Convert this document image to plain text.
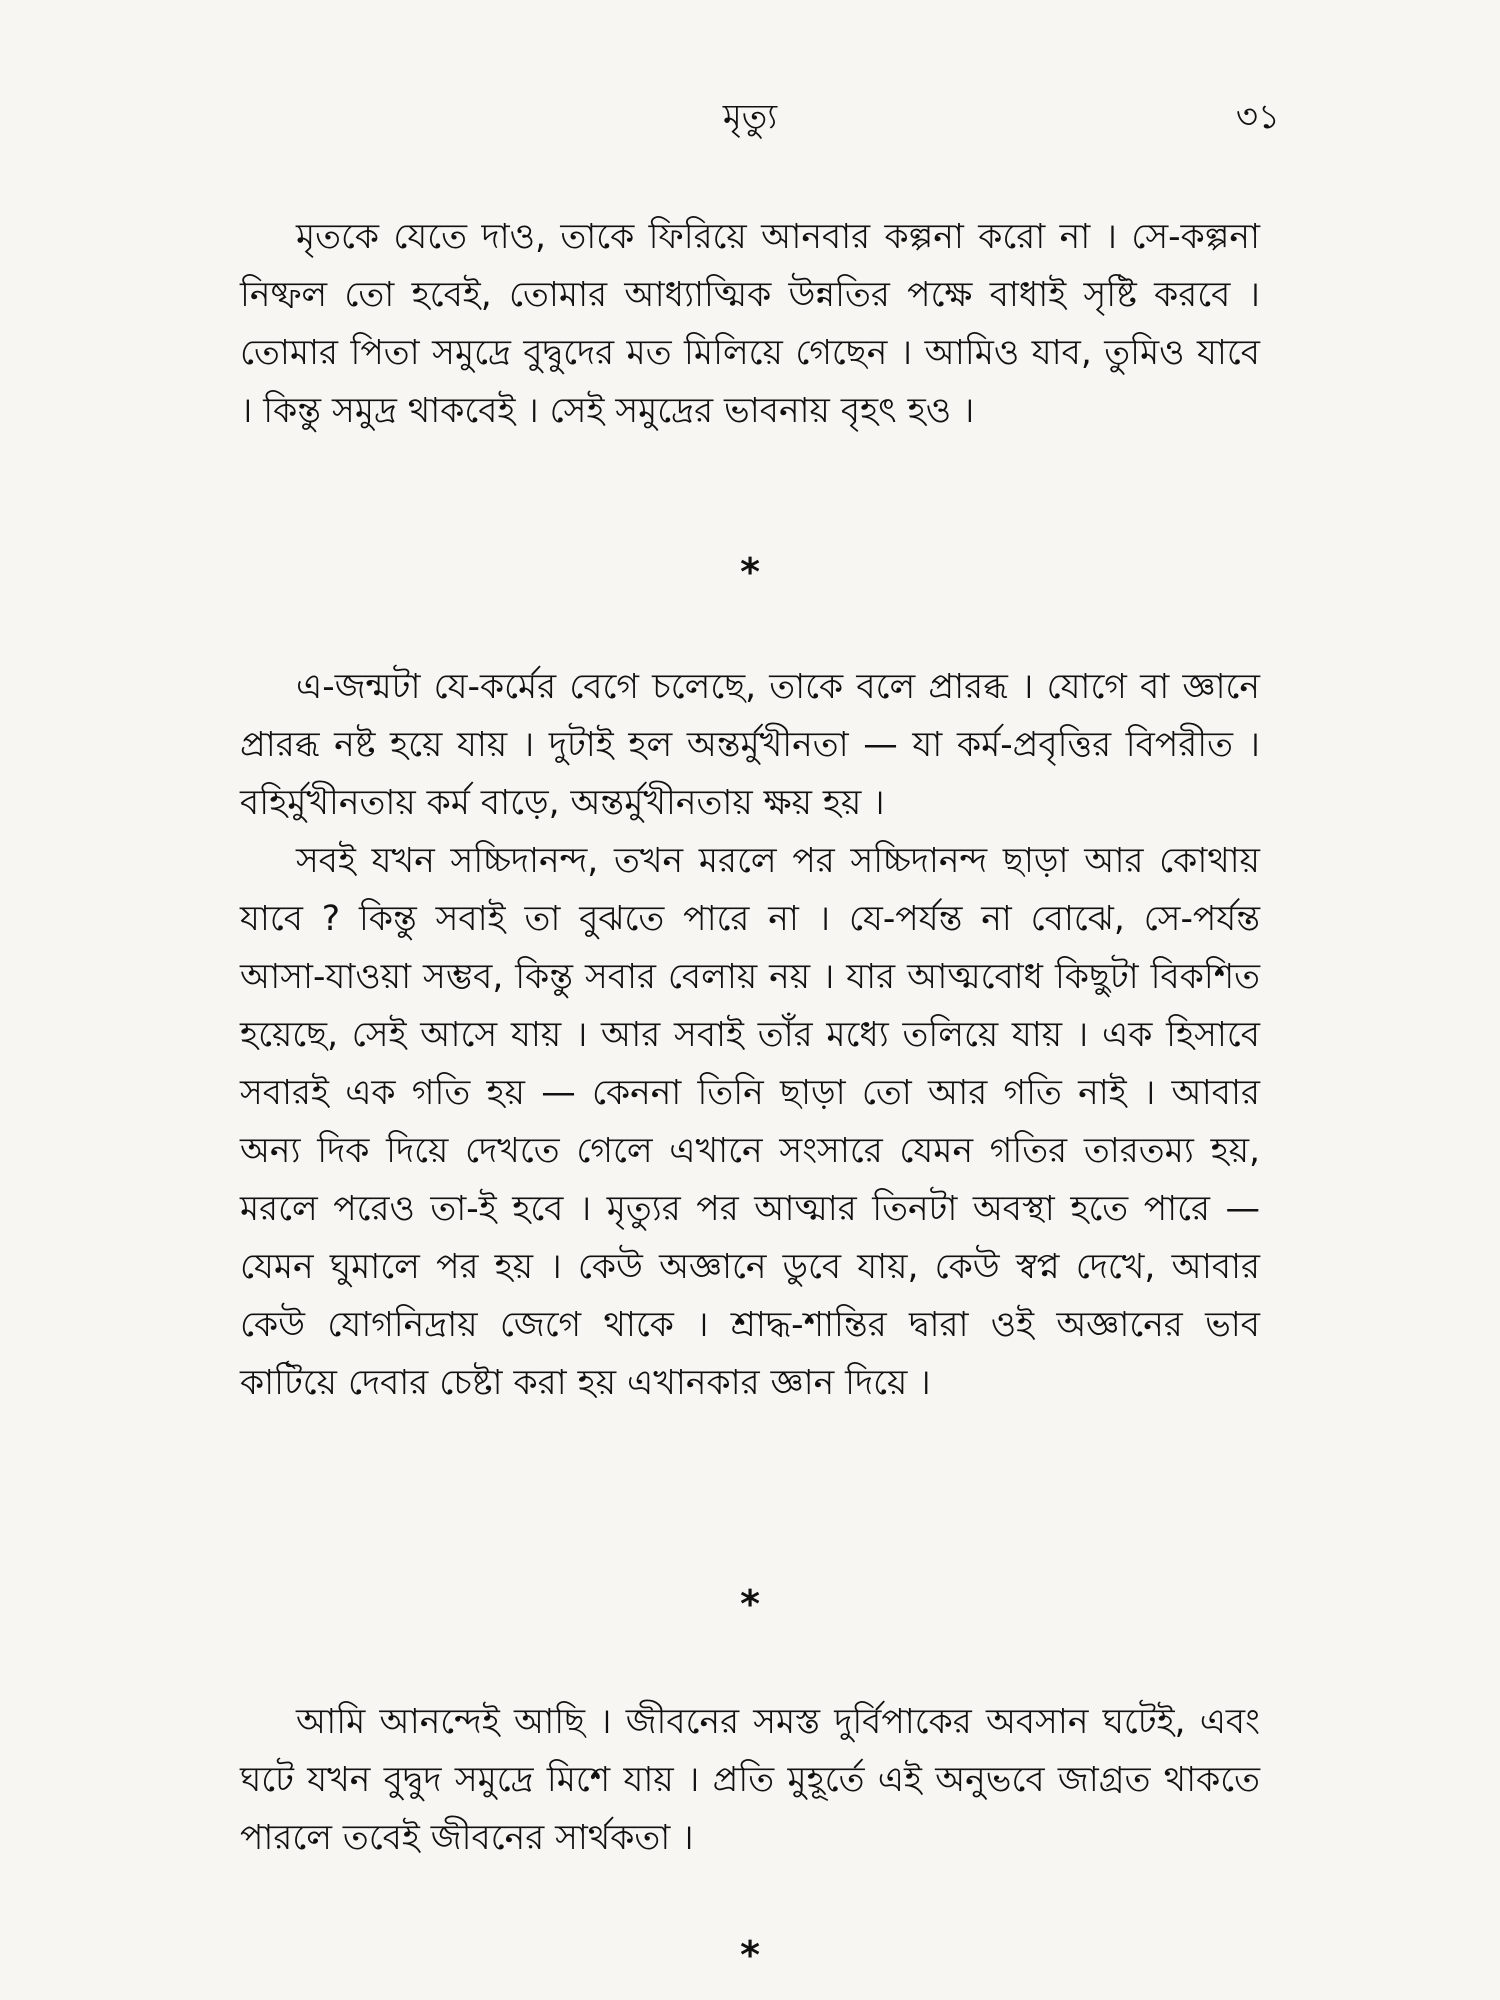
মৃত্যু	৩১

মৃতকে যেতে দাও, তাকে ফিরিয়ে আনবার কল্পনা করো না । সে-কল্পনা নিষ্ফল তো হবেই, তোমার আধ্যাত্মিক উন্নতির পক্ষে বাধাই সৃষ্টি করবে । তোমার পিতা সমুদ্রে বুদ্বুদের মত মিলিয়ে গেছেন । আমিও যাব, তুমিও যাবে । কিন্তু সমুদ্র থাকবেই । সেই সমুদ্রের ভাবনায় বৃহৎ হও ।

*

এ-জন্মটা যে-কর্মের বেগে চলেছে, তাকে বলে প্রারব্ধ । যোগে বা জ্ঞানে প্রারব্ধ নষ্ট হয়ে যায় । দুটাই হল অন্তর্মুখীনতা — যা কর্ম-প্রবৃত্তির বিপরীত । বহির্মুখীনতায় কর্ম বাড়ে, অন্তর্মুখীনতায় ক্ষয় হয় ।

সবই যখন সচ্চিদানন্দ, তখন মরলে পর সচ্চিদানন্দ ছাড়া আর কোথায় যাবে ? কিন্তু সবাই তা বুঝতে পারে না । যে-পর্যন্ত না বোঝে, সে-পর্যন্ত আসা-যাওয়া সম্ভব, কিন্তু সবার বেলায় নয় । যার আত্মবোধ কিছুটা বিকশিত হয়েছে, সেই আসে যায় । আর সবাই তাঁর মধ্যে তলিয়ে যায় । এক হিসাবে সবারই এক গতি হয় — কেননা তিনি ছাড়া তো আর গতি নাই । আবার অন্য দিক দিয়ে দেখতে গেলে এখানে সংসারে যেমন গতির তারতম্য হয়, মরলে পরেও তা-ই হবে । মৃত্যুর পর আত্মার তিনটা অবস্থা হতে পারে — যেমন ঘুমালে পর হয় । কেউ অজ্ঞানে ডুবে যায়, কেউ স্বপ্ন দেখে, আবার কেউ যোগনিদ্রায় জেগে থাকে । শ্রাদ্ধ-শান্তির দ্বারা ওই অজ্ঞানের ভাব কাটিয়ে দেবার চেষ্টা করা হয় এখানকার জ্ঞান দিয়ে ।

*

আমি আনন্দেই আছি । জীবনের সমস্ত দুর্বিপাকের অবসান ঘটেই, এবং ঘটে যখন বুদ্বুদ সমুদ্রে মিশে যায় । প্রতি মুহূর্তে এই অনুভবে জাগ্রত থাকতে পারলে তবেই জীবনের সার্থকতা ।

*
